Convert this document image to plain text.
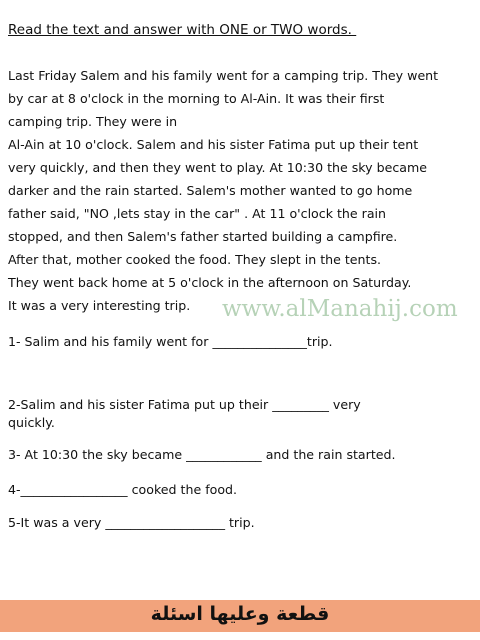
Read the text and answer with ONE or TWO words.
Last Friday Salem and his family went for a camping trip. They went
by car at 8 o'clock in the morning to Al-Ain. It was their first
camping trip. They were in
Al-Ain at 10 o'clock. Salem and his sister Fatima put up their tent
very quickly, and then they went to play. At 10:30 the sky became
darker and the rain started. Salem's mother wanted to go home
father said, "NO ,lets stay in the car" . At 11 o'clock the rain
stopped, and then Salem's father started building a campfire.
After that, mother cooked the food. They slept in the tents.
They went back home at 5 o'clock in the afternoon on Saturday.
It was a very interesting trip.	www.alManahij.com
1- Salim and his family went for _______________trip.
2-Salim and his sister Fatima put up their _________ very
quickly.
3- At 10:30 the sky became ____________ and the rain started.
4-_________________ cooked the food.
5-It was a very ___________________ trip.
قطعة وعليها اسئلة
